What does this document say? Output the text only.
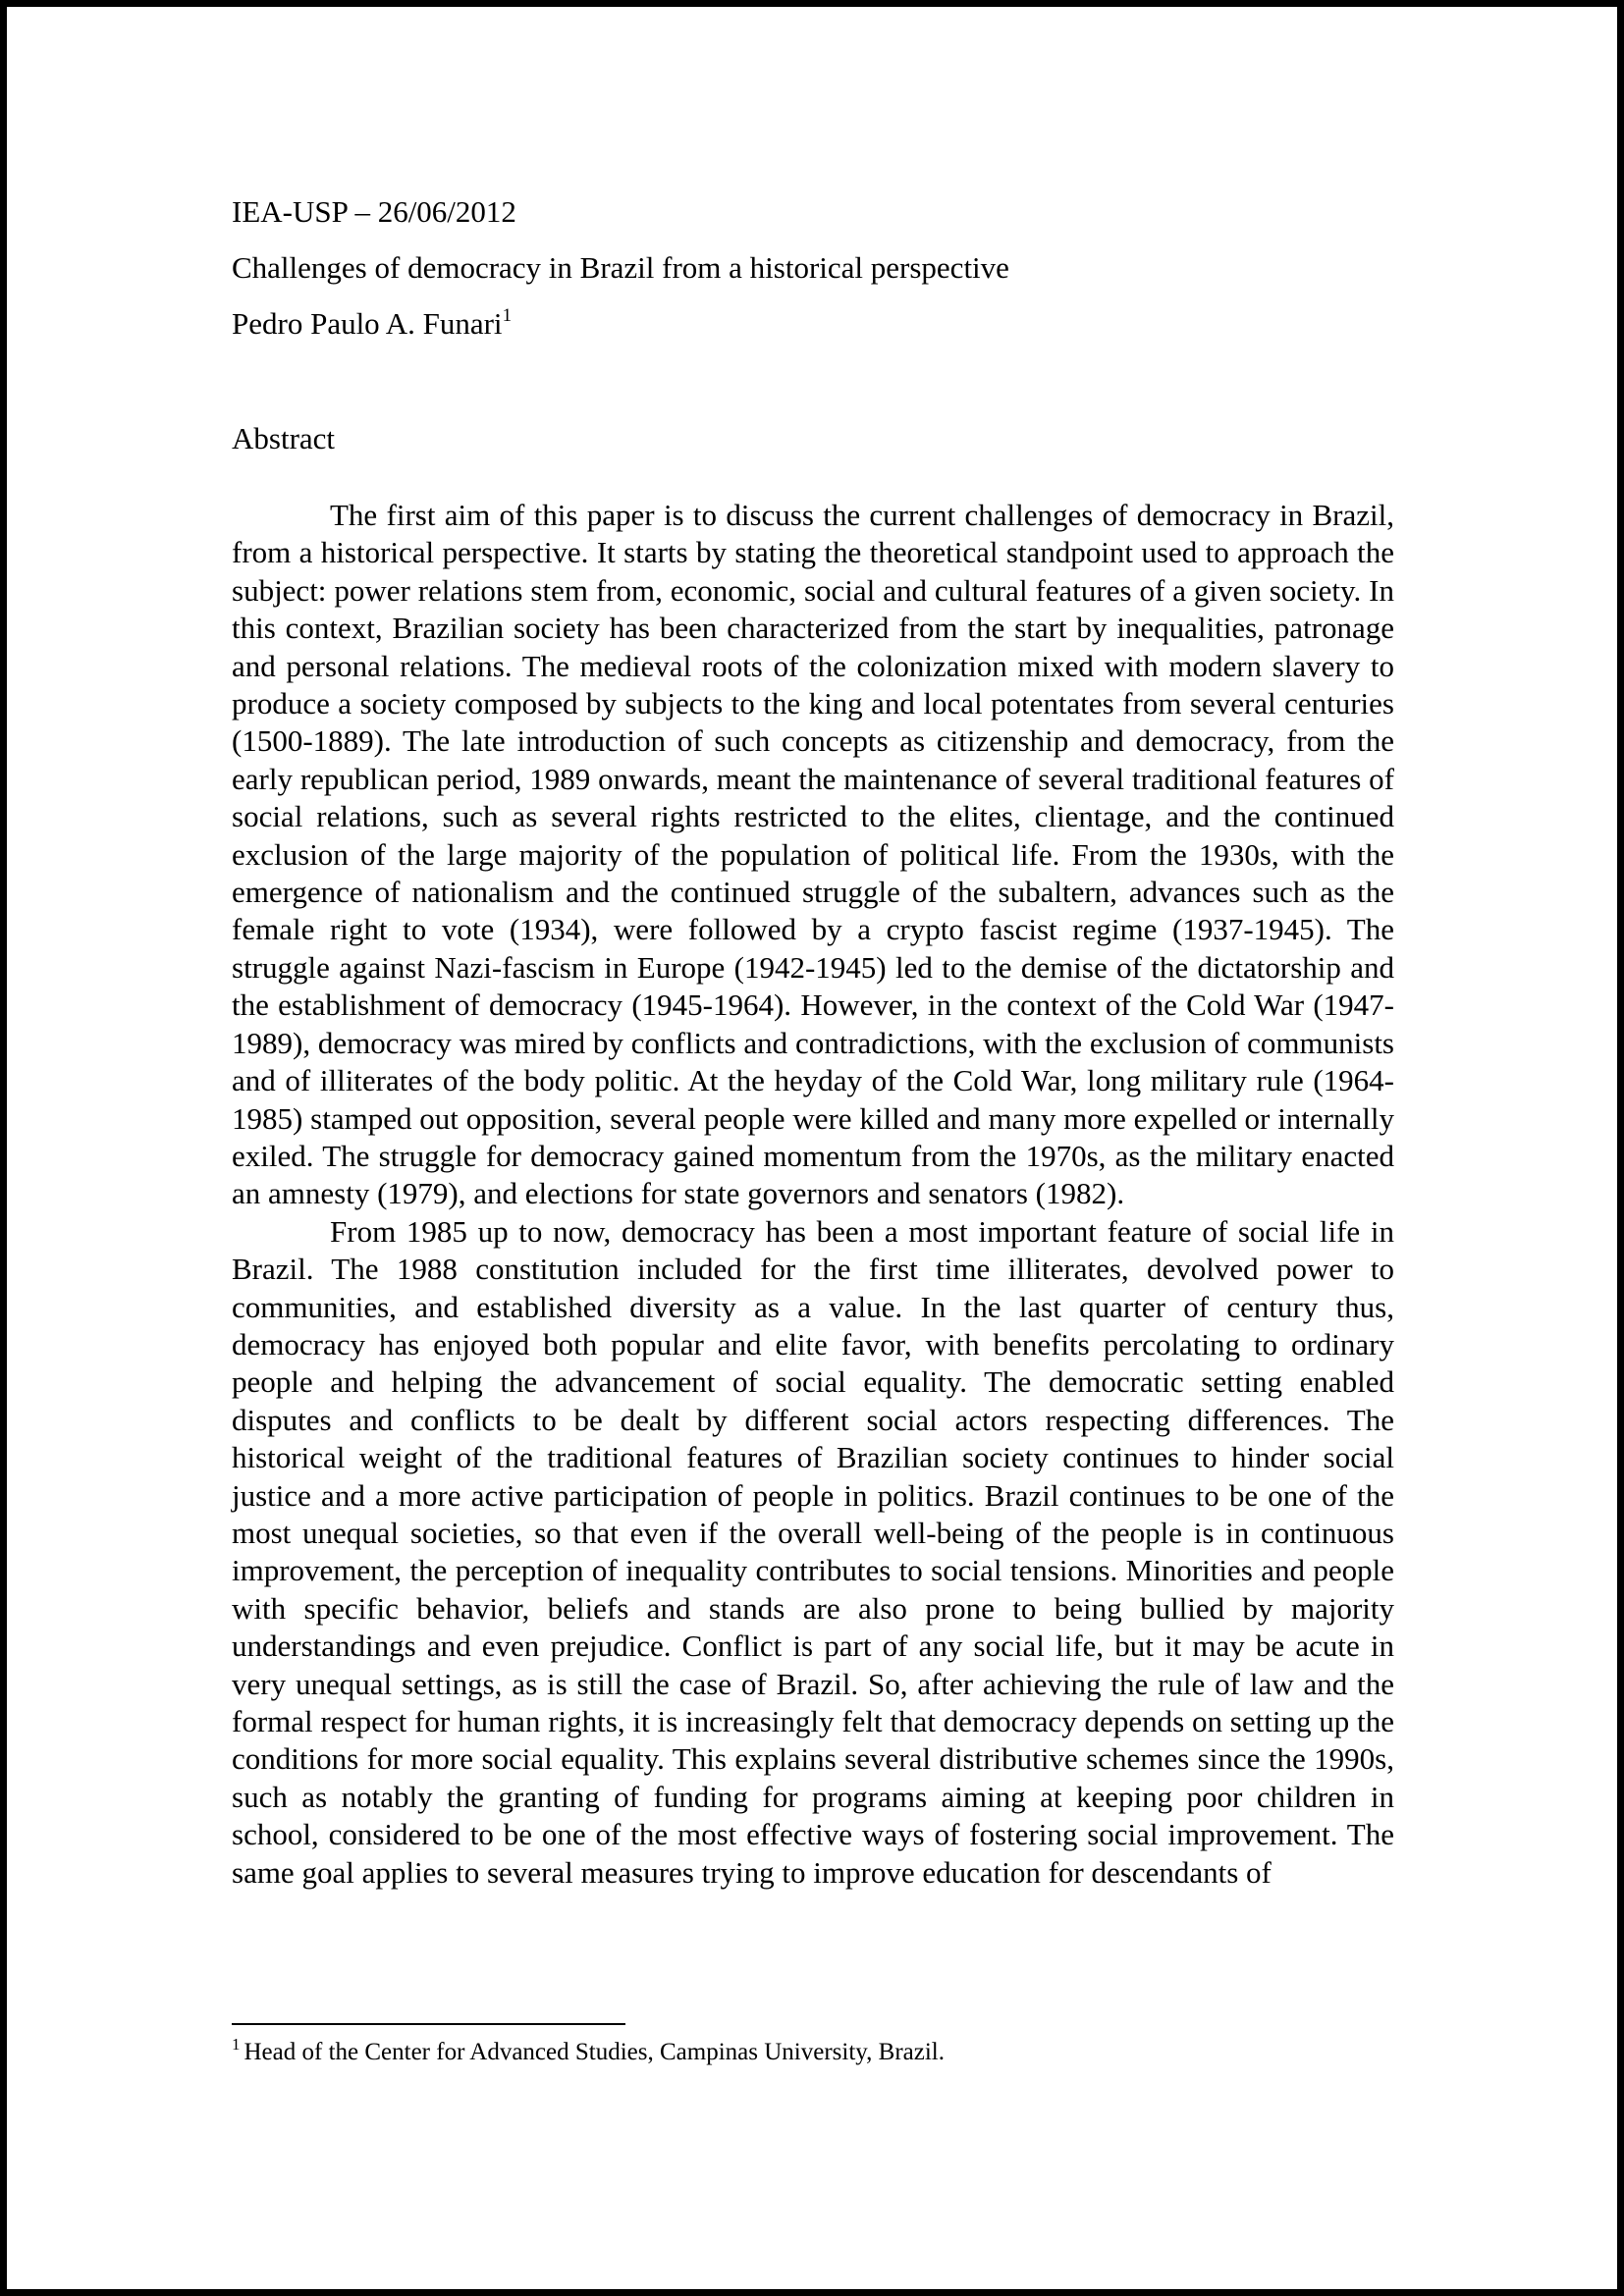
IEA-USP – 26/06/2012
Challenges of democracy in Brazil from a historical perspective
Pedro Paulo A. Funari$^1$
Abstract

The first aim of this paper is to discuss the current challenges of democracy in Brazil, from a historical perspective. It starts by stating the theoretical standpoint used to approach the subject: power relations stem from, economic, social and cultural features of a given society. In this context, Brazilian society has been characterized from the start by inequalities, patronage and personal relations. The medieval roots of the colonization mixed with modern slavery to produce a society composed by subjects to the king and local potentates from several centuries (1500-1889). The late introduction of such concepts as citizenship and democracy, from the early republican period, 1989 onwards, meant the maintenance of several traditional features of social relations, such as several rights restricted to the elites, clientage, and the continued exclusion of the large majority of the population of political life. From the 1930s, with the emergence of nationalism and the continued struggle of the subaltern, advances such as the female right to vote (1934), were followed by a crypto fascist regime (1937-1945). The struggle against Nazi-fascism in Europe (1942-1945) led to the demise of the dictatorship and the establishment of democracy (1945-1964). However, in the context of the Cold War (1947-1989), democracy was mired by conflicts and contradictions, with the exclusion of communists and of illiterates of the body politic. At the heyday of the Cold War, long military rule (1964-1985) stamped out opposition, several people were killed and many more expelled or internally exiled. The struggle for democracy gained momentum from the 1970s, as the military enacted an amnesty (1979), and elections for state governors and senators (1982).

From 1985 up to now, democracy has been a most important feature of social life in Brazil. The 1988 constitution included for the first time illiterates, devolved power to communities, and established diversity as a value. In the last quarter of century thus, democracy has enjoyed both popular and elite favor, with benefits percolating to ordinary people and helping the advancement of social equality. The democratic setting enabled disputes and conflicts to be dealt by different social actors respecting differences. The historical weight of the traditional features of Brazilian society continues to hinder social justice and a more active participation of people in politics. Brazil continues to be one of the most unequal societies, so that even if the overall well-being of the people is in continuous improvement, the perception of inequality contributes to social tensions. Minorities and people with specific behavior, beliefs and stands are also prone to being bullied by majority understandings and even prejudice. Conflict is part of any social life, but it may be acute in very unequal settings, as is still the case of Brazil. So, after achieving the rule of law and the formal respect for human rights, it is increasingly felt that democracy depends on setting up the conditions for more social equality. This explains several distributive schemes since the 1990s, such as notably the granting of funding for programs aiming at keeping poor children in school, considered to be one of the most effective ways of fostering social improvement. The same goal applies to several measures trying to improve education for descendants of

$^1$ Head of the Center for Advanced Studies, Campinas University, Brazil.
